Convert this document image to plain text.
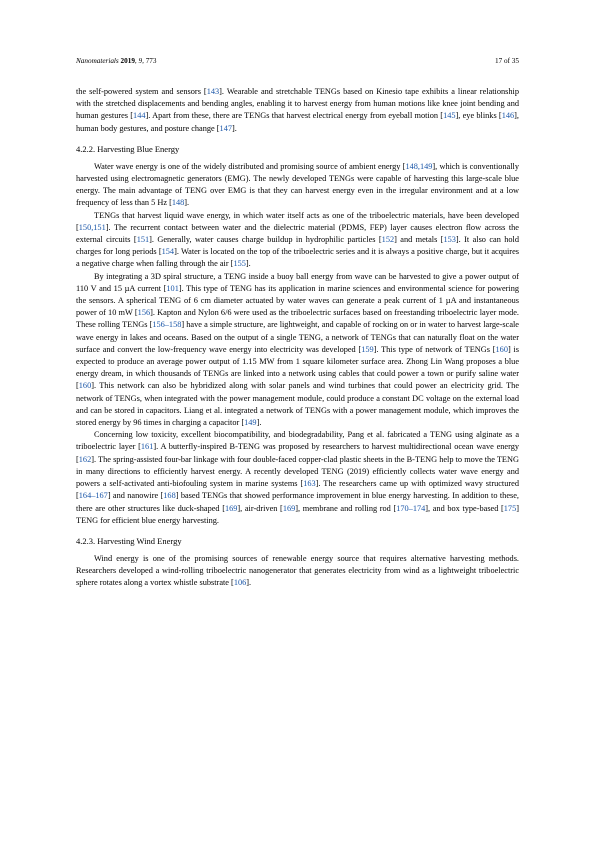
Nanomaterials 2019, 9, 773	17 of 35

the self-powered system and sensors [143]. Wearable and stretchable TENGs based on Kinesio tape exhibits a linear relationship with the stretched displacements and bending angles, enabling it to harvest energy from human motions like knee joint bending and human gestures [144]. Apart from these, there are TENGs that harvest electrical energy from eyeball motion [145], eye blinks [146], human body gestures, and posture change [147].

4.2.2. Harvesting Blue Energy

Water wave energy is one of the widely distributed and promising source of ambient energy [148,149], which is conventionally harvested using electromagnetic generators (EMG). The newly developed TENGs were capable of harvesting this large-scale blue energy. The main advantage of TENG over EMG is that they can harvest energy even in the irregular environment and at a low frequency of less than 5 Hz [148].

TENGs that harvest liquid wave energy, in which water itself acts as one of the triboelectric materials, have been developed [150,151]. The recurrent contact between water and the dielectric material (PDMS, FEP) layer causes electron flow across the external circuits [151]. Generally, water causes charge buildup in hydrophilic particles [152] and metals [153]. It also can hold charges for long periods [154]. Water is located on the top of the triboelectric series and it is always a positive charge, but it acquires a negative charge when falling through the air [155].

By integrating a 3D spiral structure, a TENG inside a buoy ball energy from wave can be harvested to give a power output of 110 V and 15 µA current [101]. This type of TENG has its application in marine sciences and environmental science for powering the sensors. A spherical TENG of 6 cm diameter actuated by water waves can generate a peak current of 1 µA and instantaneous power of 10 mW [156]. Kapton and Nylon 6/6 were used as the triboelectric surfaces based on freestanding triboelectric layer mode. These rolling TENGs [156–158] have a simple structure, are lightweight, and capable of rocking on or in water to harvest large-scale wave energy in lakes and oceans. Based on the output of a single TENG, a network of TENGs that can naturally float on the water surface and convert the low-frequency wave energy into electricity was developed [159]. This type of network of TENGs [160] is expected to produce an average power output of 1.15 MW from 1 square kilometer surface area. Zhong Lin Wang proposes a blue energy dream, in which thousands of TENGs are linked into a network using cables that could power a town or purify saline water [160]. This network can also be hybridized along with solar panels and wind turbines that could power an electricity grid. The network of TENGs, when integrated with the power management module, could produce a constant DC voltage on the external load and can be stored in capacitors. Liang et al. integrated a network of TENGs with a power management module, which improves the stored energy by 96 times in charging a capacitor [149].

Concerning low toxicity, excellent biocompatibility, and biodegradability, Pang et al. fabricated a TENG using alginate as a triboelectric layer [161]. A butterfly-inspired B-TENG was proposed by researchers to harvest multidirectional ocean wave energy [162]. The spring-assisted four-bar linkage with four double-faced copper-clad plastic sheets in the B-TENG help to move the TENG in many directions to efficiently harvest energy. A recently developed TENG (2019) efficiently collects water wave energy and powers a self-activated anti-biofouling system in marine systems [163]. The researchers came up with optimized wavy structured [164–167] and nanowire [168] based TENGs that showed performance improvement in blue energy harvesting. In addition to these, there are other structures like duck-shaped [169], air-driven [169], membrane and rolling rod [170–174], and box type-based [175] TENG for efficient blue energy harvesting.

4.2.3. Harvesting Wind Energy

Wind energy is one of the promising sources of renewable energy source that requires alternative harvesting methods. Researchers developed a wind-rolling triboelectric nanogenerator that generates electricity from wind as a lightweight triboelectric sphere rotates along a vortex whistle substrate [106].
